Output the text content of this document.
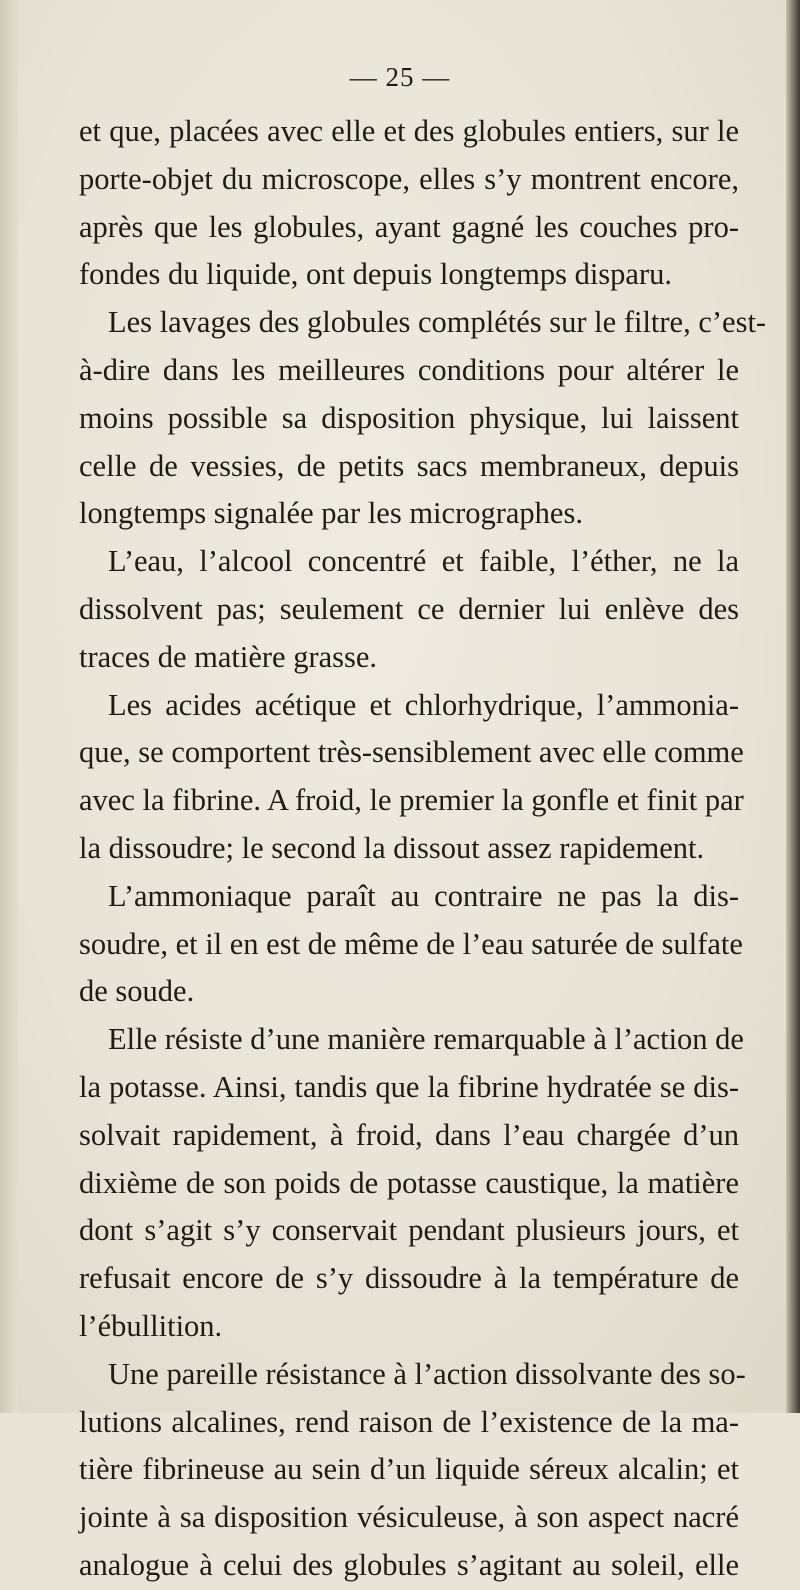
— 25 —
et que, placées avec elle et des globules entiers, sur le
porte-objet du microscope, elles s’y montrent encore,
après que les globules, ayant gagné les couches pro-
fondes du liquide, ont depuis longtemps disparu.
Les lavages des globules complétés sur le filtre, c’est-
à-dire dans les meilleures conditions pour altérer le
moins possible sa disposition physique, lui laissent
celle de vessies, de petits sacs membraneux, depuis
longtemps signalée par les micrographes.
L’eau, l’alcool concentré et faible, l’éther, ne la
dissolvent pas; seulement ce dernier lui enlève des
traces de matière grasse.
Les acides acétique et chlorhydrique, l’ammonia-
que, se comportent très-sensiblement avec elle comme
avec la fibrine. A froid, le premier la gonfle et finit par
la dissoudre; le second la dissout assez rapidement.
L’ammoniaque paraît au contraire ne pas la dis-
soudre, et il en est de même de l’eau saturée de sulfate
de soude.
Elle résiste d’une manière remarquable à l’action de
la potasse. Ainsi, tandis que la fibrine hydratée se dis-
solvait rapidement, à froid, dans l’eau chargée d’un
dixième de son poids de potasse caustique, la matière
dont s’agit s’y conservait pendant plusieurs jours, et
refusait encore de s’y dissoudre à la température de
l’ébullition.
Une pareille résistance à l’action dissolvante des so-
lutions alcalines, rend raison de l’existence de la ma-
tière fibrineuse au sein d’un liquide séreux alcalin; et
jointe à sa disposition vésiculeuse, à son aspect nacré
analogue à celui des globules s’agitant au soleil, elle
